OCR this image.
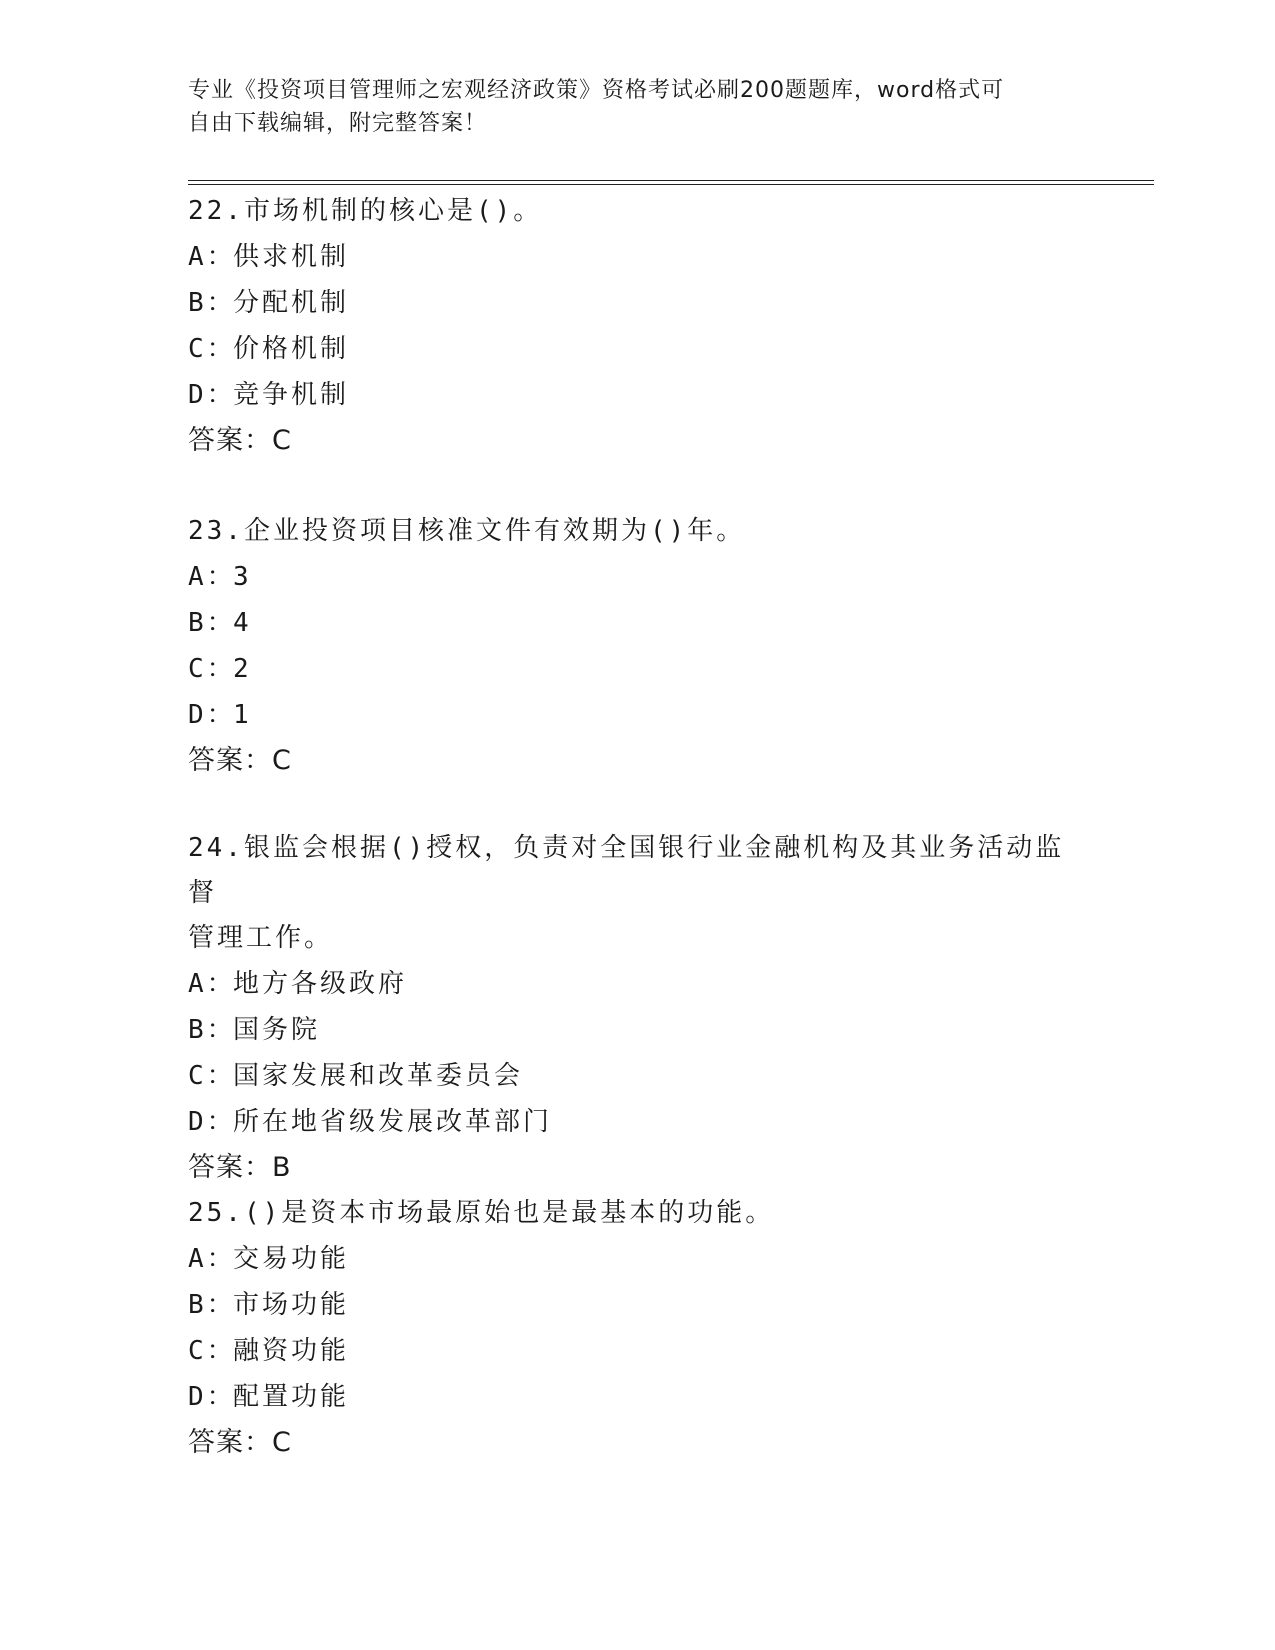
专业《投资项目管理师之宏观经济政策》资格考试必刷200题题库，word格式可
自由下载编辑，附完整答案！

22.市场机制的核心是()。

A：
供求机制

B：
分配机制

C：
价格机制

D：
竞争机制

答案：C

23.企业投资项目核准文件有效期为()年。

A：
3

B：
4

C：
2

D：
1

答案：C

24.银监会根据()授权，负责对全国银行业金融机构及其业务活动监督

管理工作。

A：
地方各级政府

B：
国务院

C：
国家发展和改革委员会

D：
所在地省级发展改革部门

答案：B

25.()是资本市场最原始也是最基本的功能。

A：
交易功能

B：
市场功能

C：
融资功能

D：
配置功能

答案：C
